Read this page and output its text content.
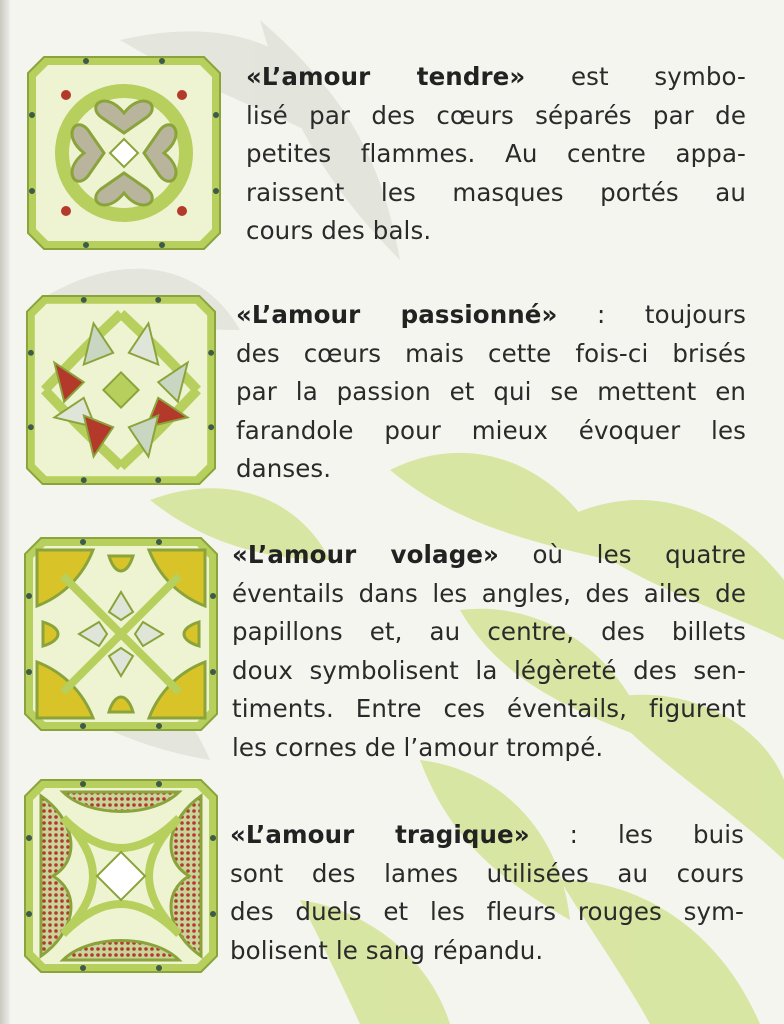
«L’amour tendre» est symbo-
lisé par des cœurs séparés par de
petites flammes. Au centre appa-
raissent les masques portés au
cours des bals.
«L’amour passionné» : toujours
des cœurs mais cette fois-ci brisés
par la passion et qui se mettent en
farandole pour mieux évoquer les
danses.
«L’amour volage» où les quatre
éventails dans les angles, des ailes de
papillons et, au centre, des billets
doux symbolisent la légèreté des sen-
timents. Entre ces éventails, figurent
les cornes de l’amour trompé.
«L’amour tragique» : les buis
sont des lames utilisées au cours
des duels et les fleurs rouges sym-
bolisent le sang répandu.
